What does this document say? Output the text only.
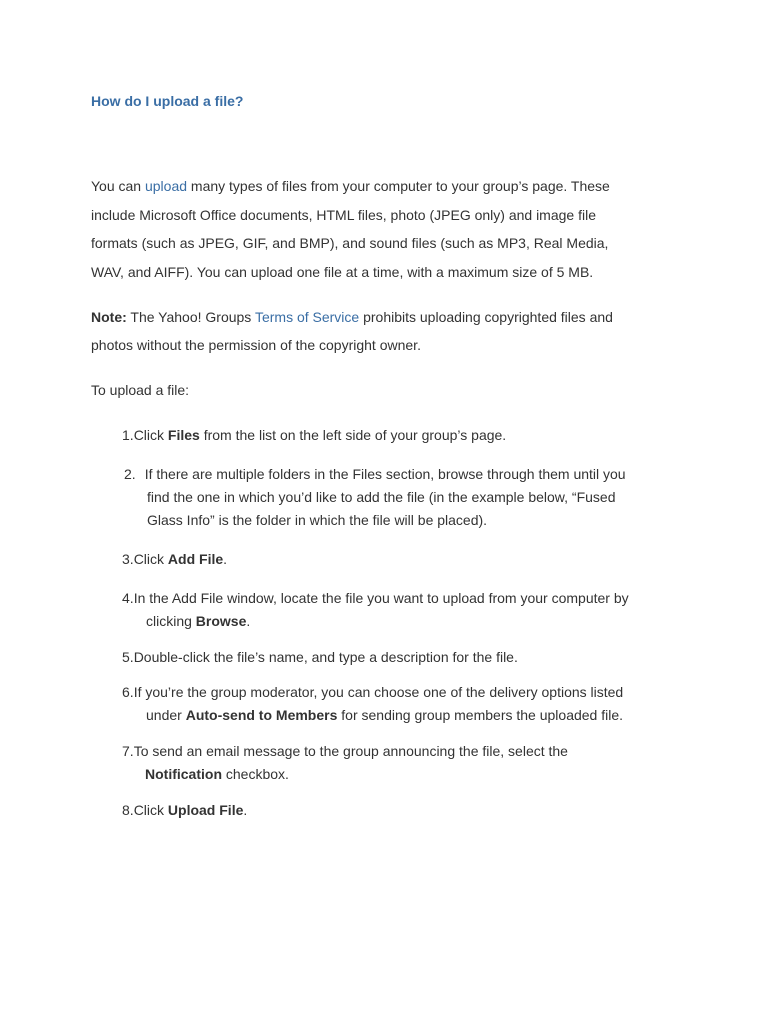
How do I upload a file?

You can upload many types of files from your computer to your group’s page. These
include Microsoft Office documents, HTML files, photo (JPEG only) and image file
formats (such as JPEG, GIF, and BMP), and sound files (such as MP3, Real Media,
WAV, and AIFF). You can upload one file at a time, with a maximum size of 5 MB.

Note: The Yahoo! Groups Terms of Service prohibits uploading copyrighted files and
photos without the permission of the copyright owner.

To upload a file:

1.Click Files from the list on the left side of your group’s page.

2. If there are multiple folders in the Files section, browse through them until you
find the one in which you’d like to add the file (in the example below, “Fused
Glass Info” is the folder in which the file will be placed).

3.Click Add File.

4.In the Add File window, locate the file you want to upload from your computer by
clicking Browse.

5.Double-click the file’s name, and type a description for the file.

6.If you’re the group moderator, you can choose one of the delivery options listed
under Auto-send to Members for sending group members the uploaded file.

7.To send an email message to the group announcing the file, select the
Notification checkbox.

8.Click Upload File.
